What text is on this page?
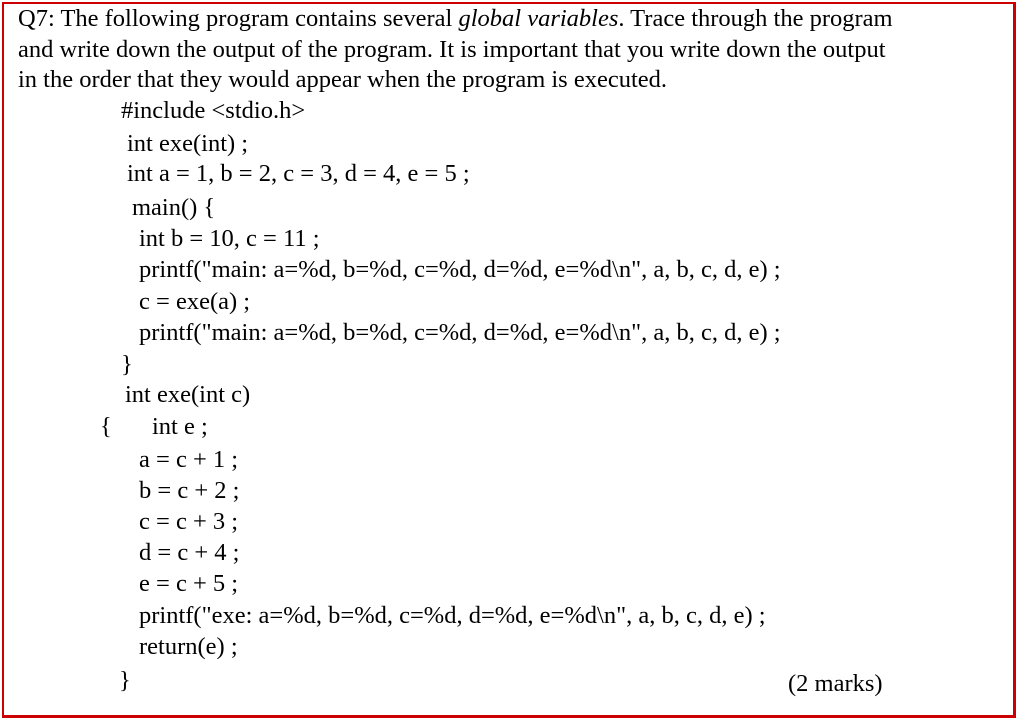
Q7: The following program contains several global variables. Trace through the program
and write down the output of the program. It is important that you write down the output
in the order that they would appear when the program is executed.
#include <stdio.h>
int exe(int) ;
int a = 1, b = 2, c = 3, d = 4, e = 5 ;
main() {
int b = 10, c = 11 ;
printf("main: a=%d, b=%d, c=%d, d=%d, e=%d\n", a, b, c, d, e) ;
c = exe(a) ;
printf("main: a=%d, b=%d, c=%d, d=%d, e=%d\n", a, b, c, d, e) ;
}
int exe(int c)
{ int e ;
a = c + 1 ;
b = c + 2 ;
c = c + 3 ;
d = c + 4 ;
e = c + 5 ;
printf("exe: a=%d, b=%d, c=%d, d=%d, e=%d\n", a, b, c, d, e) ;
return(e) ;
}	(2 marks)
